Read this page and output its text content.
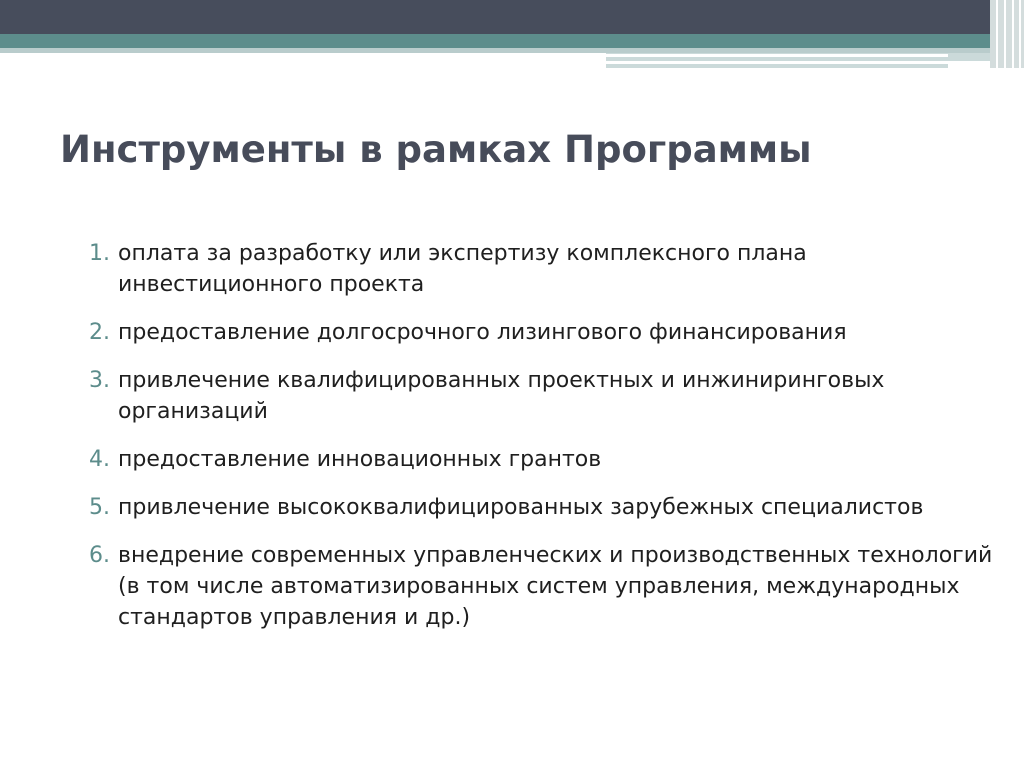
Инструменты в рамках Программы
1. оплата за разработку или экспертизу комплексного плана инвестиционного проекта
2. предоставление долгосрочного лизингового финансирования
3. привлечение квалифицированных проектных и инжиниринговых организаций
4. предоставление инновационных грантов
5. привлечение высококвалифицированных зарубежных специалистов
6. внедрение современных управленческих и производственных технологий (в том числе автоматизированных систем управления, международных стандартов управления и др.)
